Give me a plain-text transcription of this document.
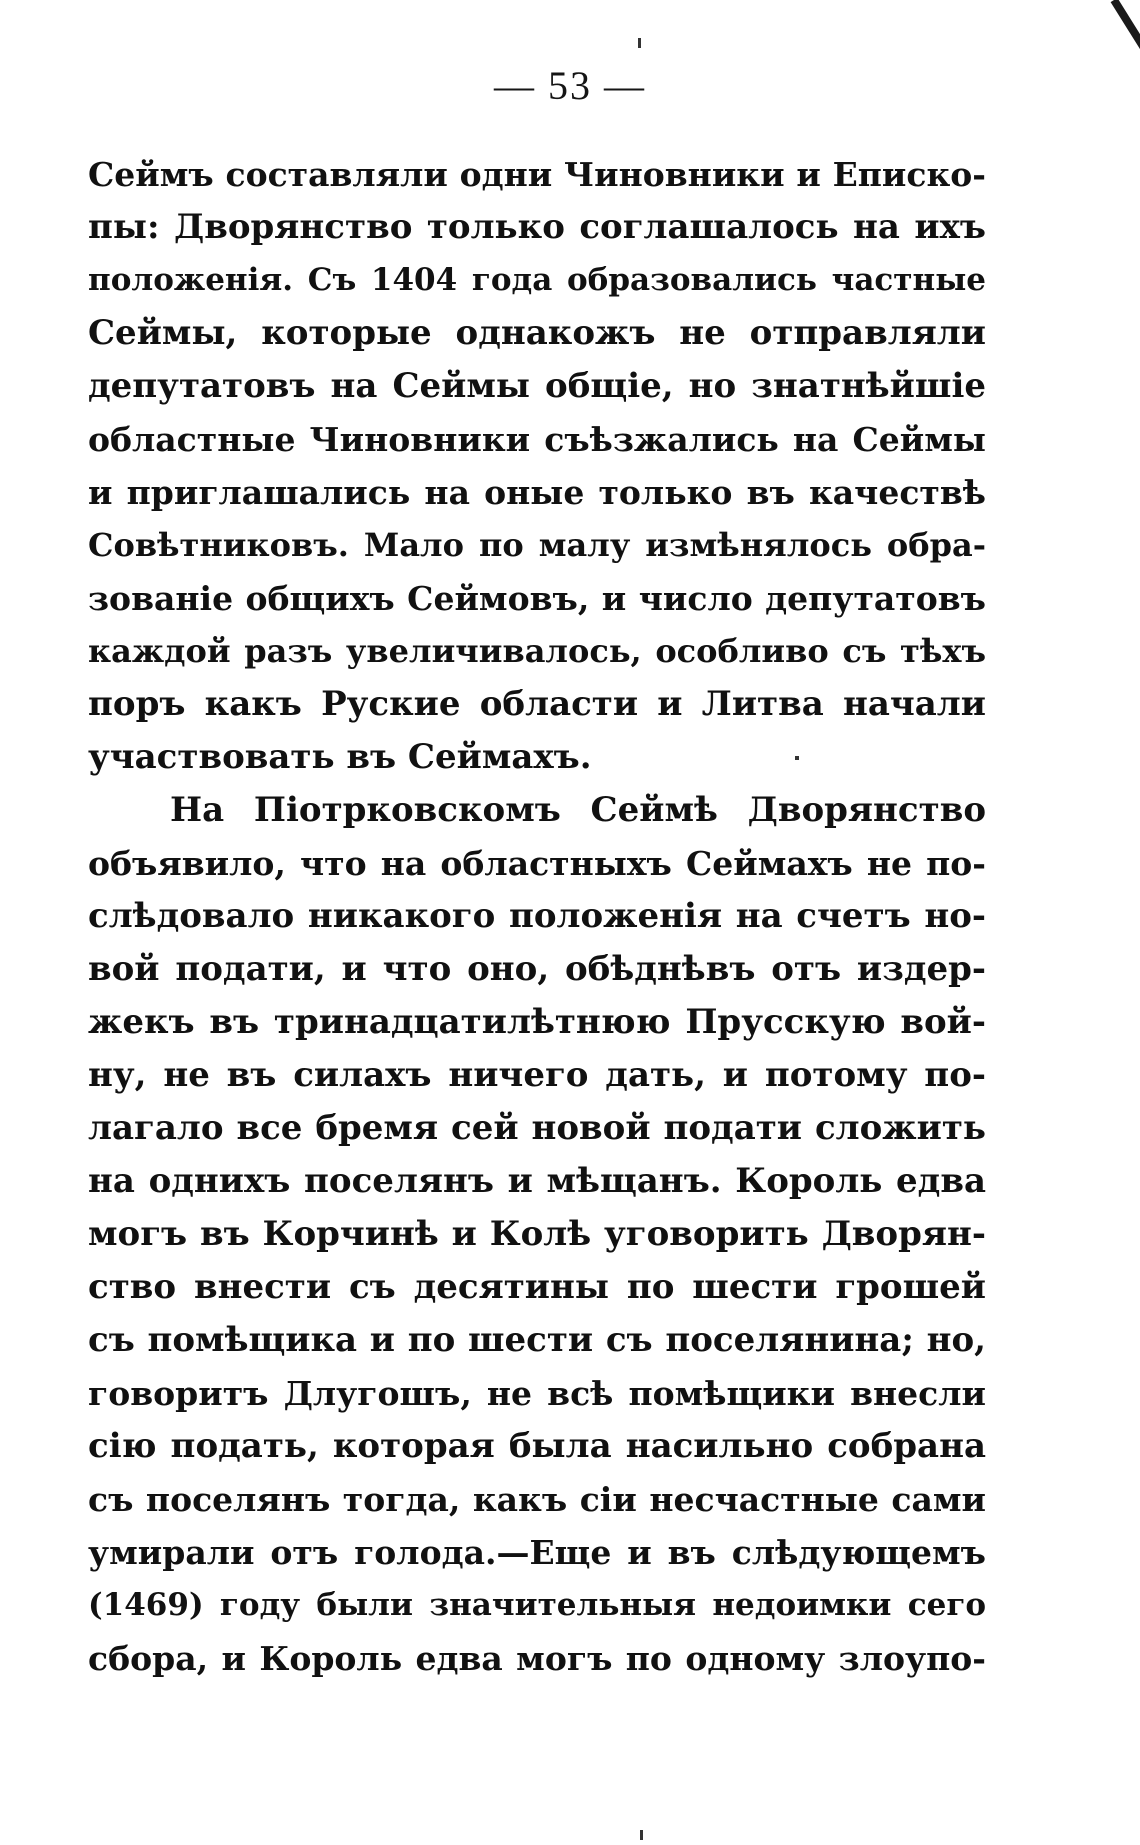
— 53 —
Сеймъ составляли одни Чиновники и Еписко-
пы: Дворянство только соглашалось на ихъ
положенія. Съ 1404 года образовались частные
Сеймы, которые однакожъ не отправляли
депутатовъ на Сеймы общіе, но знатнѣйшіе
областные Чиновники съѣзжались на Сеймы
и приглашались на оные только въ качествѣ
Совѣтниковъ. Мало по малу измѣнялось обра-
зованіе общихъ Сеймовъ, и число депутатовъ
каждой разъ увеличивалось, особливо съ тѣхъ
поръ какъ Руские области и Литва начали
участвовать въ Сеймахъ.
На Піотрковскомъ Сеймѣ Дворянство
объявило, что на областныхъ Сеймахъ не по-
слѣдовало никакого положенія на счетъ но-
вой подати, и что оно, обѣднѣвъ отъ издер-
жекъ въ тринадцатилѣтнюю Прусскую вой-
ну, не въ силахъ ничего дать, и потому по-
лагало все бремя сей новой подати сложить
на однихъ поселянъ и мѣщанъ. Король едва
могъ въ Корчинѣ и Колѣ уговорить Дворян-
ство внести съ десятины по шести грошей
съ помѣщика и по шести съ поселянина; но,
говоритъ Длугошъ, не всѣ помѣщики внесли
сію подать, которая была насильно собрана
съ поселянъ тогда, какъ сіи несчастные сами
умирали отъ голода.—Еще и въ слѣдующемъ
(1469) году были значительныя недоимки сего
сбора, и Король едва могъ по одному злоупо-
